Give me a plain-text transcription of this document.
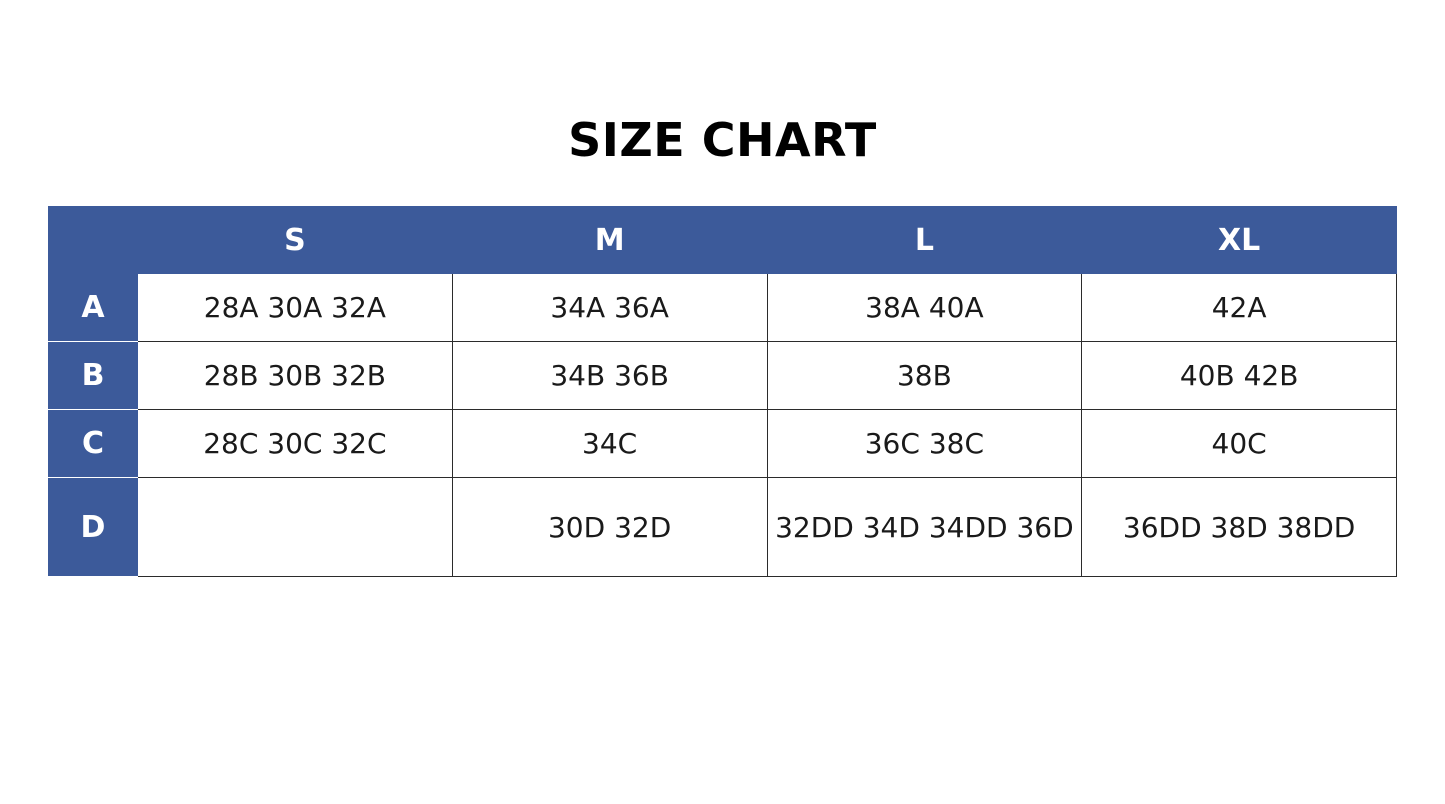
SIZE CHART
	S	M	L	XL
A	28A 30A 32A	34A 36A	38A 40A	42A
B	28B 30B 32B	34B 36B	38B	40B 42B
C	28C 30C 32C	34C	36C 38C	40C
D		30D 32D	32DD 34D 34DD 36D	36DD 38D 38DD
